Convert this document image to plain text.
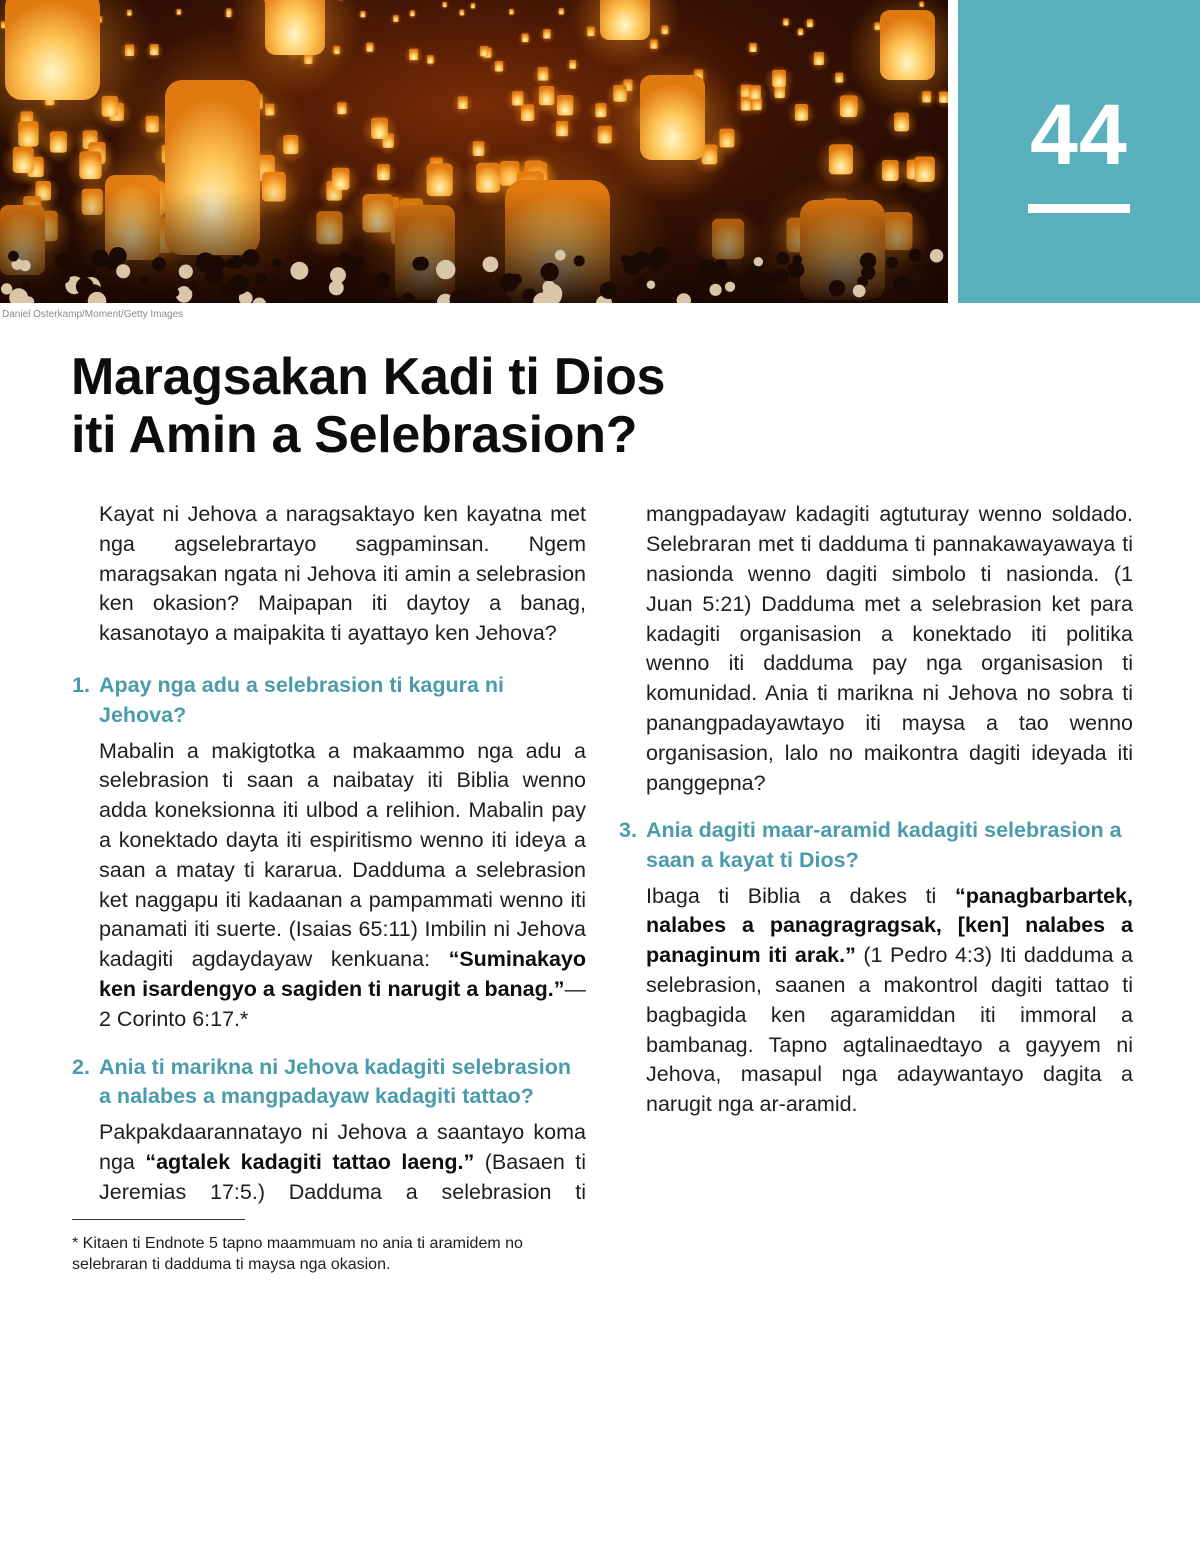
Daniel Osterkamp/Moment/Getty Images
44
Maragsakan Kadi ti Dios
iti Amin a Selebrasion?

Kayat ni Jehova a naragsaktayo ken kayatna met nga agselebrartayo sagpaminsan. Ngem maragsakan ngata ni Jehova iti amin a selebrasion ken okasion? Maipapan iti daytoy a banag, kasanotayo a maipakita ti ayattayo ken Jehova?

1. Apay nga adu a selebrasion ti kagura ni Jehova?

Mabalin a makigtotka a makaammo nga adu a selebrasion ti saan a naibatay iti Biblia wenno adda koneksionna iti ulbod a relihion. Mabalin pay a konektado dayta iti espiritismo wenno iti ideya a saan a matay ti kararua. Dadduma a selebrasion ket naggapu iti kadaanan a pampammati wenno iti panamati iti suerte. (Isaias 65:11) Imbilin ni Jehova kadagiti agdaydayaw kenkuana: “Suminakayo ken isardengyo a sagiden ti narugit a banag.”—2 Corinto 6:17.*

2. Ania ti marikna ni Jehova kadagiti selebrasion a nalabes a mangpadayaw kadagiti tattao?

Pakpakdaarannatayo ni Jehova a saantayo koma nga “agtalek kadagiti tattao laeng.” (Basaen ti Jeremias 17:5.) Dadduma a selebrasion ti

* Kitaen ti Endnote 5 tapno maammuam no ania ti aramidem no selebraran ti dadduma ti maysa nga okasion.

mangpadayaw kadagiti agtuturay wenno soldado. Selebraran met ti dadduma ti pannakawayawaya ti nasionda wenno dagiti simbolo ti nasionda. (1 Juan 5:21) Dadduma met a selebrasion ket para kadagiti organisasion a konektado iti politika wenno iti dadduma pay nga organisasion ti komunidad. Ania ti marikna ni Jehova no sobra ti panangpadayawtayo iti maysa a tao wenno organisasion, lalo no maikontra dagiti ideyada iti panggepna?

3. Ania dagiti maar-aramid kadagiti selebrasion a saan a kayat ti Dios?

Ibaga ti Biblia a dakes ti “panagbarbartek, nalabes a panagragragsak, [ken] nalabes a panaginum iti arak.” (1 Pedro 4:3) Iti dadduma a selebrasion, saanen a makontrol dagiti tattao ti bagbagida ken agaramiddan iti immoral a bambanag. Tapno agtalinaedtayo a gayyem ni Jehova, masapul nga adaywantayo dagita a narugit nga ar-aramid.
